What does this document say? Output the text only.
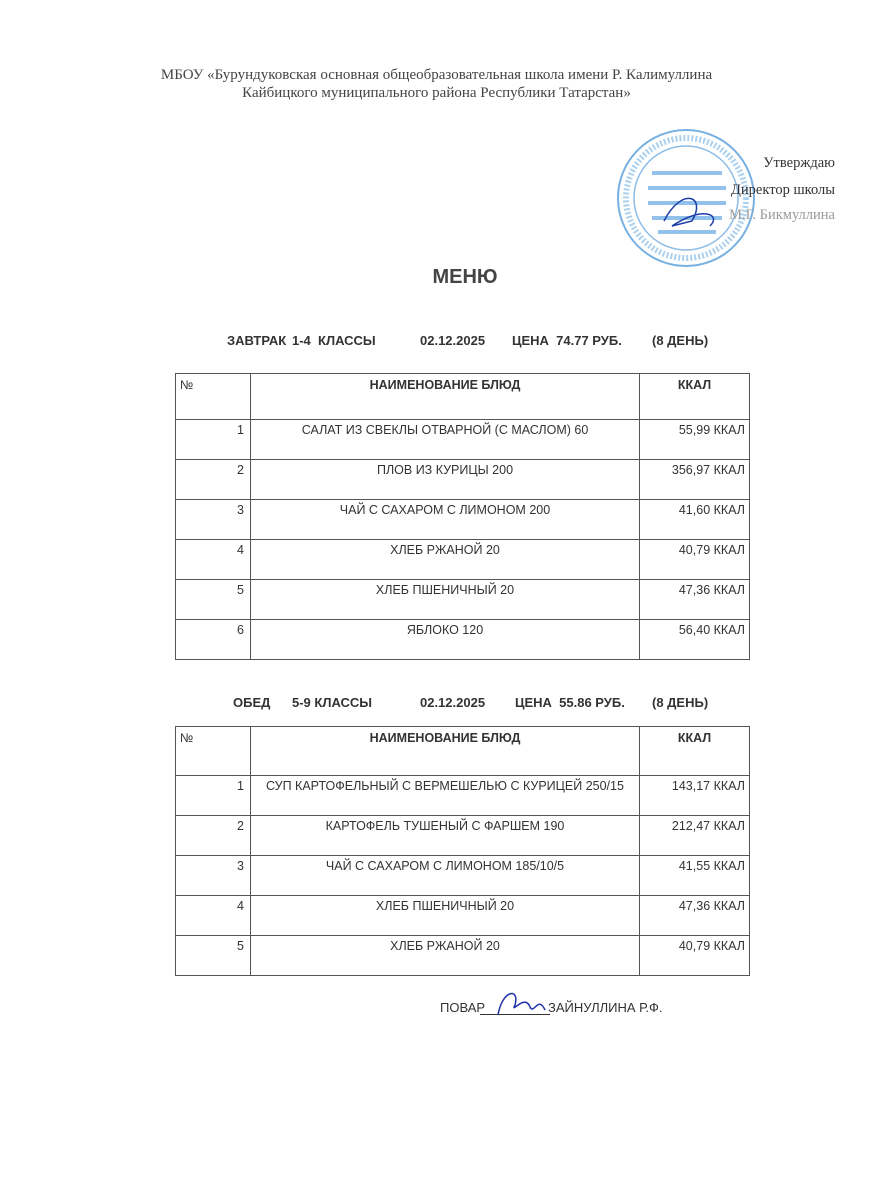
МБОУ «Бурундуковская основная общеобразовательная школа имени Р. Калимуллина
Кайбицкого муниципального района Республики Татарстан»
Утверждаю
Директор школы
М.Г. Бикмуллина
МЕНЮ
ЗАВТРАК 1-4  КЛАССЫ	02.12.2025 ЦЕНА  74.77 РУБ. (8 ДЕНЬ)
№	НАИМЕНОВАНИЕ БЛЮД	ККАЛ
1	САЛАТ ИЗ СВЕКЛЫ ОТВАРНОЙ (С МАСЛОМ) 60	55,99 ККАЛ
2	ПЛОВ ИЗ КУРИЦЫ 200	356,97 ККАЛ
3	ЧАЙ С САХАРОМ С ЛИМОНОМ 200	41,60 ККАЛ
4	ХЛЕБ РЖАНОЙ 20	40,79 ККАЛ
5	ХЛЕБ ПШЕНИЧНЫЙ 20	47,36 ККАЛ
6	ЯБЛОКО 120	56,40 ККАЛ
ОБЕД 5-9 КЛАССЫ	02.12.2025 ЦЕНА  55.86 РУБ. (8 ДЕНЬ)
№	НАИМЕНОВАНИЕ БЛЮД	ККАЛ
1	СУП КАРТОФЕЛЬНЫЙ С ВЕРМЕШЕЛЬЮ С КУРИЦЕЙ 250/15	143,17 ККАЛ
2	КАРТОФЕЛЬ ТУШЕНЫЙ С ФАРШЕМ 190	212,47 ККАЛ
3	ЧАЙ С САХАРОМ С ЛИМОНОМ 185/10/5	41,55 ККАЛ
4	ХЛЕБ ПШЕНИЧНЫЙ 20	47,36 ККАЛ
5	ХЛЕБ РЖАНОЙ 20	40,79 ККАЛ
ПОВАР	ЗАЙНУЛЛИНА Р.Ф.
